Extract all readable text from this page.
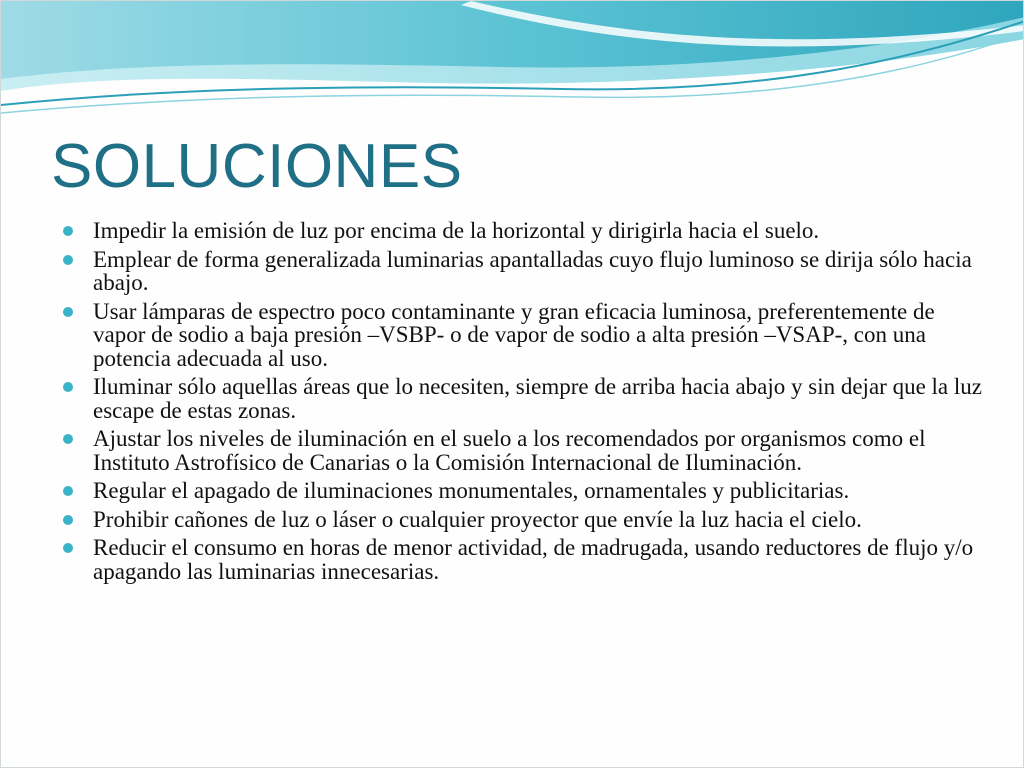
SOLUCIONES
Impedir la emisión de luz por encima de la horizontal y dirigirla hacia el suelo.
Emplear de forma generalizada luminarias apantalladas cuyo flujo luminoso se dirija sólo hacia abajo.
Usar lámparas de espectro poco contaminante y gran eficacia luminosa, preferentemente de vapor de sodio a baja presión –VSBP- o de vapor de sodio a alta presión –VSAP-, con una potencia adecuada al uso.
Iluminar sólo aquellas áreas que lo necesiten, siempre de arriba hacia abajo y sin dejar que la luz escape de estas zonas.
Ajustar los niveles de iluminación en el suelo a los recomendados por organismos como el Instituto Astrofísico de Canarias o la Comisión Internacional de Iluminación.
Regular el apagado de iluminaciones monumentales, ornamentales y publicitarias.
Prohibir cañones de luz o láser o cualquier proyector que envíe la luz hacia el cielo.
Reducir el consumo en horas de menor actividad, de madrugada, usando reductores de flujo y/o apagando las luminarias innecesarias.
